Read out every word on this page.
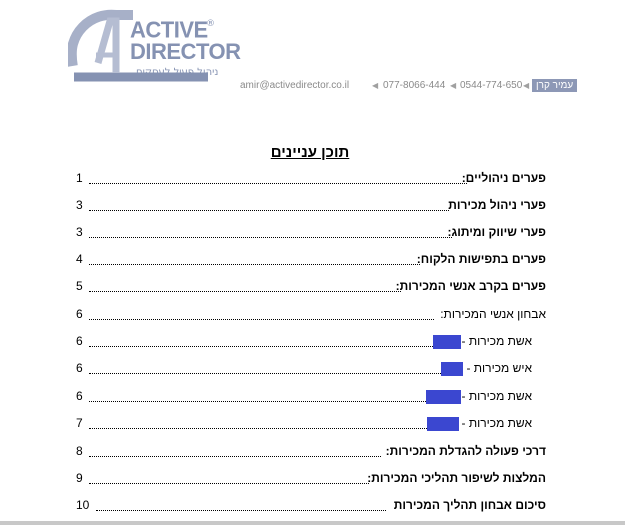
ACTIVE
®
DIRECTOR
ניהול פעיל לעסקים
amir@activedirector.co.il	◀ 077-8066-444 ◀ 0544-774-650 ◀ עמיר קרן
תוכן עניינים
1	פערים ניהוליים:
3	פערי ניהול מכירות
3	פערי שיווק ומיתוג:
4	פערים בתפישות הלקוח:
5	פערים בקרב אנשי המכירות:
6	אבחון אנשי המכירות:
6	אשת מכירות -
6	איש מכירות -
6	אשת מכירות -
7	אשת מכירות -
8	דרכי פעולה להגדלת המכירות:
9	המלצות לשיפור תהליכי המכירות:
10	סיכום אבחון תהליך המכירות
